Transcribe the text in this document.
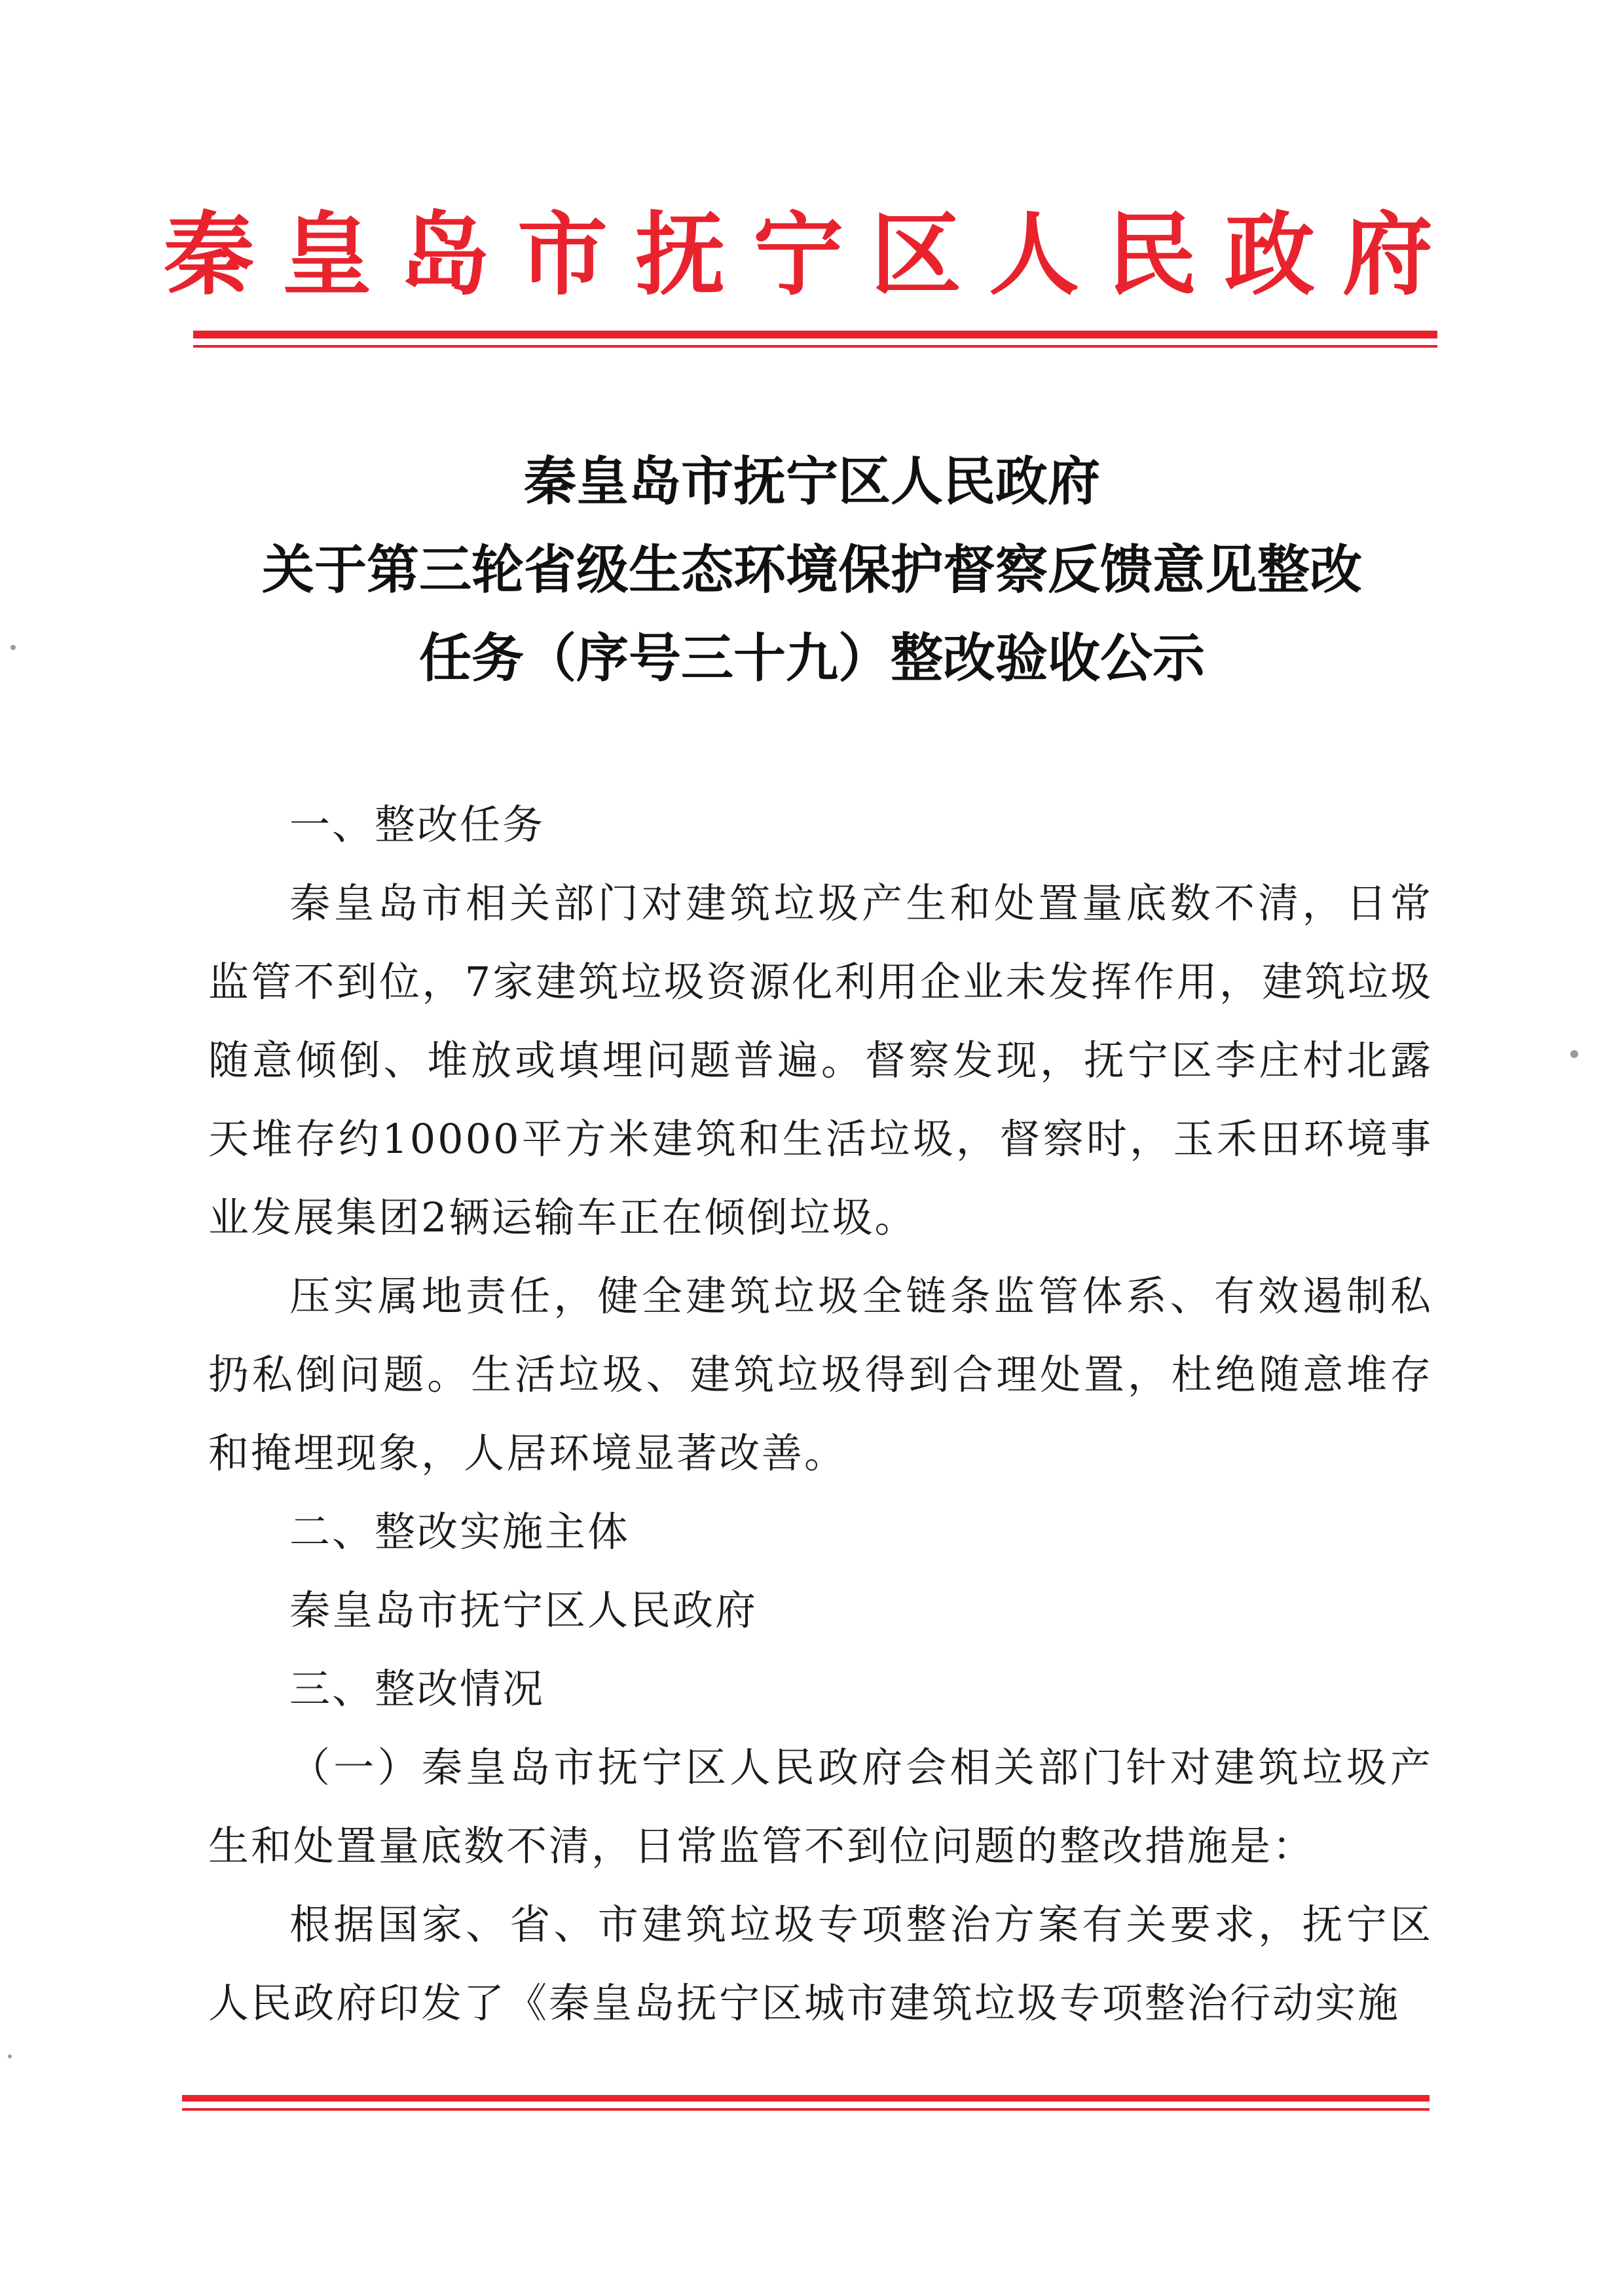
秦皇岛市抚宁区人民政府
秦皇岛市抚宁区人民政府
关于第三轮省级生态环境保护督察反馈意见整改
任务（序号三十九）整改验收公示
一、整改任务

秦皇岛市相关部门对建筑垃圾产生和处置量底数不清，日常监管不到位，7家建筑垃圾资源化利用企业未发挥作用，建筑垃圾随意倾倒、堆放或填埋问题普遍。督察发现，抚宁区李庄村北露天堆存约10000平方米建筑和生活垃圾，督察时，玉禾田环境事业发展集团2辆运输车正在倾倒垃圾。

压实属地责任，健全建筑垃圾全链条监管体系、有效遏制私扔私倒问题。生活垃圾、建筑垃圾得到合理处置，杜绝随意堆存和掩埋现象，人居环境显著改善。

二、整改实施主体

秦皇岛市抚宁区人民政府

三、整改情况

（一）秦皇岛市抚宁区人民政府会相关部门针对建筑垃圾产生和处置量底数不清，日常监管不到位问题的整改措施是：

根据国家、省、市建筑垃圾专项整治方案有关要求，抚宁区人民政府印发了《秦皇岛抚宁区城市建筑垃圾专项整治行动实施
